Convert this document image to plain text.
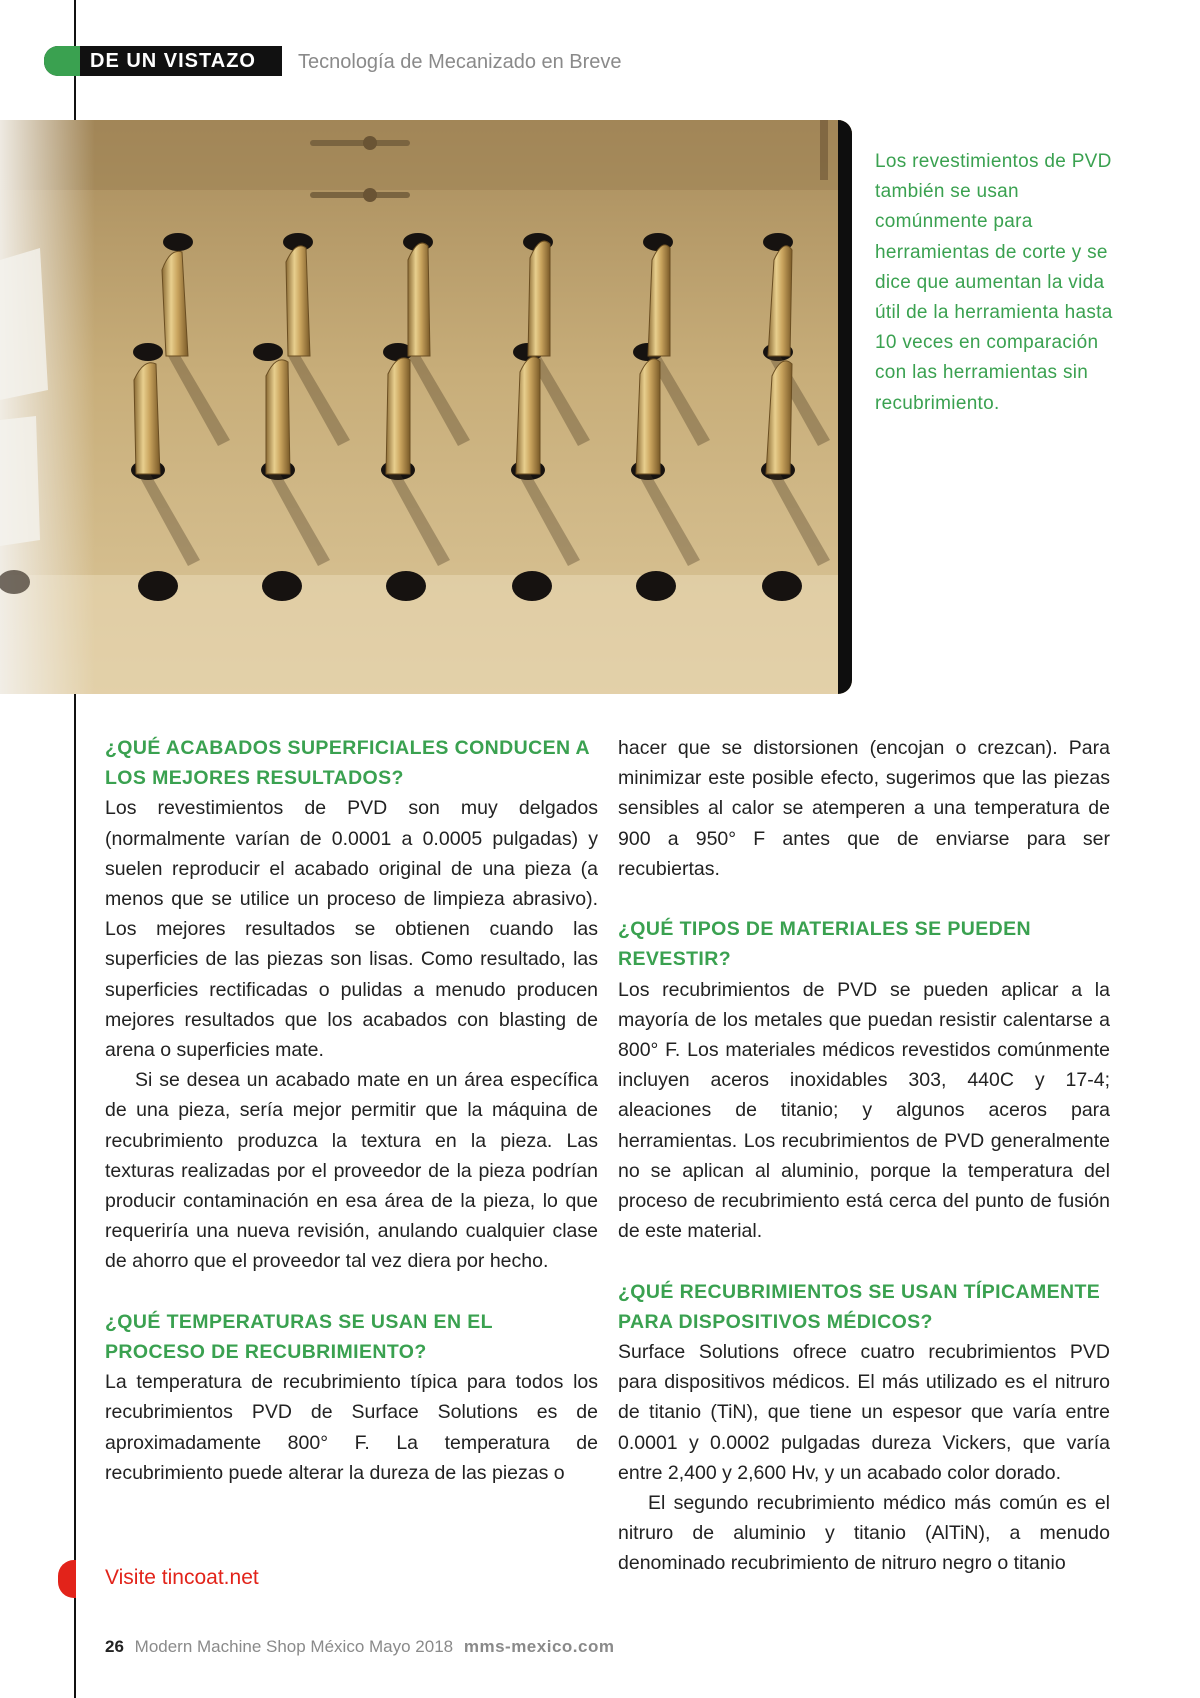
DE UN VISTAZO Tecnología de Mecanizado en Breve

Los revestimientos de PVD también se usan comúnmente para herramientas de corte y se dice que aumentan la vida útil de la herramienta hasta 10 veces en comparación con las herramientas sin recubrimiento.

¿QUÉ ACABADOS SUPERFICIALES CONDUCEN A LOS MEJORES RESULTADOS?

Los revestimientos de PVD son muy delgados (normalmente varían de 0.0001 a 0.0005 pulgadas) y suelen reproducir el acabado original de una pieza (a menos que se utilice un proceso de limpieza abrasivo). Los mejores resultados se obtienen cuando las superficies de las piezas son lisas. Como resultado, las superficies rectificadas o pulidas a menudo producen mejores resultados que los acabados con blasting de arena o superficies mate.

Si se desea un acabado mate en un área específica de una pieza, sería mejor permitir que la máquina de recubrimiento produzca la textura en la pieza. Las texturas realizadas por el proveedor de la pieza podrían producir contaminación en esa área de la pieza, lo que requeriría una nueva revisión, anulando cualquier clase de ahorro que el proveedor tal vez diera por hecho.

¿QUÉ TEMPERATURAS SE USAN EN EL PROCESO DE RECUBRIMIENTO?

La temperatura de recubrimiento típica para todos los recubrimientos PVD de Surface Solutions es de aproximadamente 800° F. La temperatura de recubrimiento puede alterar la dureza de las piezas o

hacer que se distorsionen (encojan o crezcan). Para minimizar este posible efecto, sugerimos que las piezas sensibles al calor se atemperen a una temperatura de 900 a 950° F antes que de enviarse para ser recubiertas.

¿QUÉ TIPOS DE MATERIALES SE PUEDEN REVESTIR?

Los recubrimientos de PVD se pueden aplicar a la mayoría de los metales que puedan resistir calentarse a 800° F. Los materiales médicos revestidos comúnmente incluyen aceros inoxidables 303, 440C y 17-4; aleaciones de titanio; y algunos aceros para herramientas. Los recubrimientos de PVD generalmente no se aplican al aluminio, porque la temperatura del proceso de recubrimiento está cerca del punto de fusión de este material.

¿QUÉ RECUBRIMIENTOS SE USAN TÍPICAMENTE PARA DISPOSITIVOS MÉDICOS?

Surface Solutions ofrece cuatro recubrimientos PVD para dispositivos médicos. El más utilizado es el nitruro de titanio (TiN), que tiene un espesor que varía entre 0.0001 y 0.0002 pulgadas dureza Vickers, que varía entre 2,400 y 2,600 Hv, y un acabado color dorado.

El segundo recubrimiento médico más común es el nitruro de aluminio y titanio (AlTiN), a menudo denominado recubrimiento de nitruro negro o titanio

Visite tincoat.net
26 Modern Machine Shop México Mayo 2018 mms-mexico.com
